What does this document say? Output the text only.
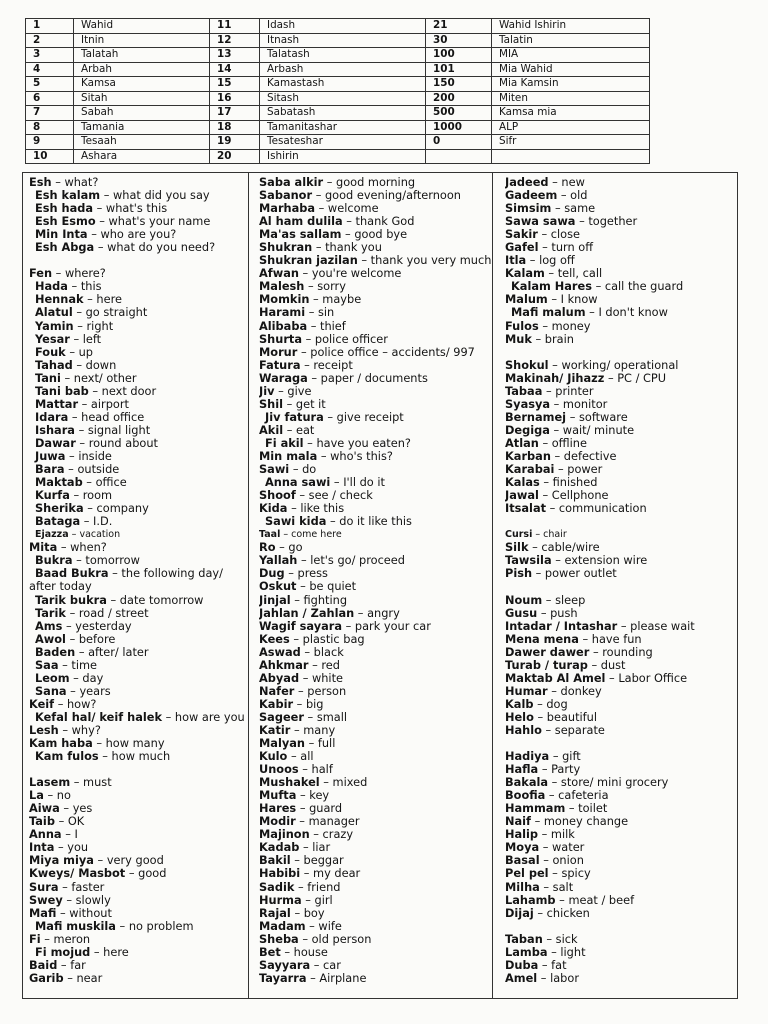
1	Wahid	11	Idash	21	Wahid Ishirin
2	Itnin	12	Itnash	30	Talatin
3	Talatah	13	Talatash	100	MIA
4	Arbah	14	Arbash	101	Mia Wahid
5	Kamsa	15	Kamastash	150	Mia Kamsin
6	Sitah	16	Sitash	200	Miten
7	Sabah	17	Sabatash	500	Kamsa mia
8	Tamania	18	Tamanitashar	1000	ALP
9	Tesaah	19	Tesateshar	0	Sifr
10	Ashara	20	Ishirin		
Esh – what?
Esh kalam – what did you say
Esh hada – what's this
Esh Esmo – what's your name
Min Inta – who are you?
Esh Abga – what do you need?
Fen – where?
Hada – this
Hennak – here
Alatul – go straight
Yamin – right
Yesar – left
Fouk – up
Tahad – down
Tani – next/ other
Tani bab – next door
Mattar – airport
Idara – head office
Ishara – signal light
Dawar – round about
Juwa – inside
Bara – outside
Maktab – office
Kurfa – room
Sherika – company
Bataga – I.D.
Ejazza – vacation
Mita – when?
Bukra – tomorrow
Baad Bukra – the following day/
after today
Tarik bukra – date tomorrow
Tarik – road / street
Ams – yesterday
Awol – before
Baden – after/ later
Saa – time
Leom – day
Sana – years
Keif – how?
Kefal hal/ keif halek – how are you
Lesh – why?
Kam haba – how many
Kam fulos – how much
Lasem – must
La – no
Aiwa – yes
Taib – OK
Anna – I
Inta – you
Miya miya – very good
Kweys/ Masbot – good
Sura – faster
Swey – slowly
Mafi – without
Mafi muskila – no problem
Fi – meron
Fi mojud – here
Baid – far
Garib – near
Saba alkir – good morning
Sabanor – good evening/afternoon
Marhaba – welcome
Al ham dulila – thank God
Ma'as sallam – good bye
Shukran – thank you
Shukran jazilan – thank you very much
Afwan – you're welcome
Malesh – sorry
Momkin – maybe
Harami – sin
Alibaba – thief
Shurta – police officer
Morur – police office – accidents/ 997
Fatura – receipt
Waraga – paper / documents
Jiv – give
Shil – get it
Jiv fatura – give receipt
Akil – eat
Fi akil – have you eaten?
Min mala – who's this?
Sawi – do
Anna sawi – I'll do it
Shoof – see / check
Kida – like this
Sawi kida – do it like this
Taal – come here
Ro – go
Yallah – let's go/ proceed
Dug – press
Oskut – be quiet
Jinjal – fighting
Jahlan / Zahlan – angry
Wagif sayara – park your car
Kees – plastic bag
Aswad – black
Ahkmar – red
Abyad – white
Nafer – person
Kabir – big
Sageer – small
Katir – many
Malyan – full
Kulo – all
Unoos – half
Mushakel – mixed
Mufta – key
Hares – guard
Modir – manager
Majinon – crazy
Kadab – liar
Bakil – beggar
Habibi – my dear
Sadik – friend
Hurma – girl
Rajal – boy
Madam – wife
Sheba – old person
Bet – house
Sayyara – car
Tayarra – Airplane
Jadeed – new
Gadeem – old
Simsim – same
Sawa sawa – together
Sakir – close
Gafel – turn off
Itla – log off
Kalam – tell, call
Kalam Hares – call the guard
Malum – I know
Mafi malum – I don't know
Fulos – money
Muk – brain
Shokul – working/ operational
Makinah/ Jihazz – PC / CPU
Tabaa – printer
Syasya – monitor
Bernamej – software
Degiga – wait/ minute
Atlan – offline
Karban – defective
Karabai – power
Kalas – finished
Jawal – Cellphone
Itsalat – communication
Cursi – chair
Silk – cable/wire
Tawsila – extension wire
Pish – power outlet
Noum – sleep
Gusu – push
Intadar / Intashar – please wait
Mena mena – have fun
Dawer dawer – rounding
Turab / turap – dust
Maktab Al Amel – Labor Office
Humar – donkey
Kalb – dog
Helo – beautiful
Hahlo – separate
Hadiya – gift
Hafla – Party
Bakala – store/ mini grocery
Boofia – cafeteria
Hammam – toilet
Naif – money change
Halip – milk
Moya – water
Basal – onion
Pel pel – spicy
Milha – salt
Lahamb – meat / beef
Dijaj – chicken
Taban – sick
Lamba – light
Duba – fat
Amel – labor
